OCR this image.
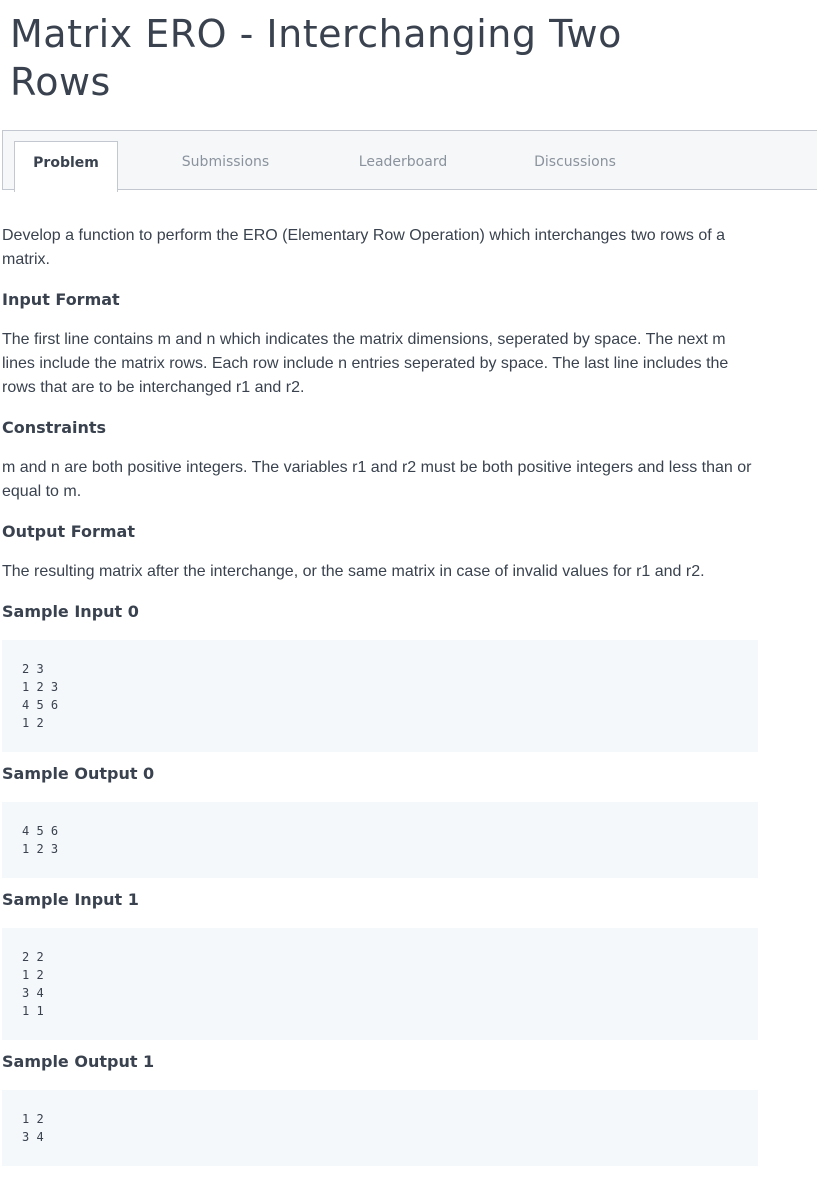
Matrix ERO - Interchanging Two Rows
Problem	Submissions	Leaderboard	Discussions

Develop a function to perform the ERO (Elementary Row Operation) which interchanges two rows of a matrix.

Input Format

The first line contains m and n which indicates the matrix dimensions, seperated by space. The next m lines include the matrix rows. Each row include n entries seperated by space. The last line includes the rows that are to be interchanged r1 and r2.

Constraints

m and n are both positive integers. The variables r1 and r2 must be both positive integers and less than or equal to m.

Output Format

The resulting matrix after the interchange, or the same matrix in case of invalid values for r1 and r2.

Sample Input 0
2 3
1 2 3
4 5 6
1 2
Sample Output 0
4 5 6
1 2 3
Sample Input 1
2 2
1 2
3 4
1 1
Sample Output 1
1 2
3 4
